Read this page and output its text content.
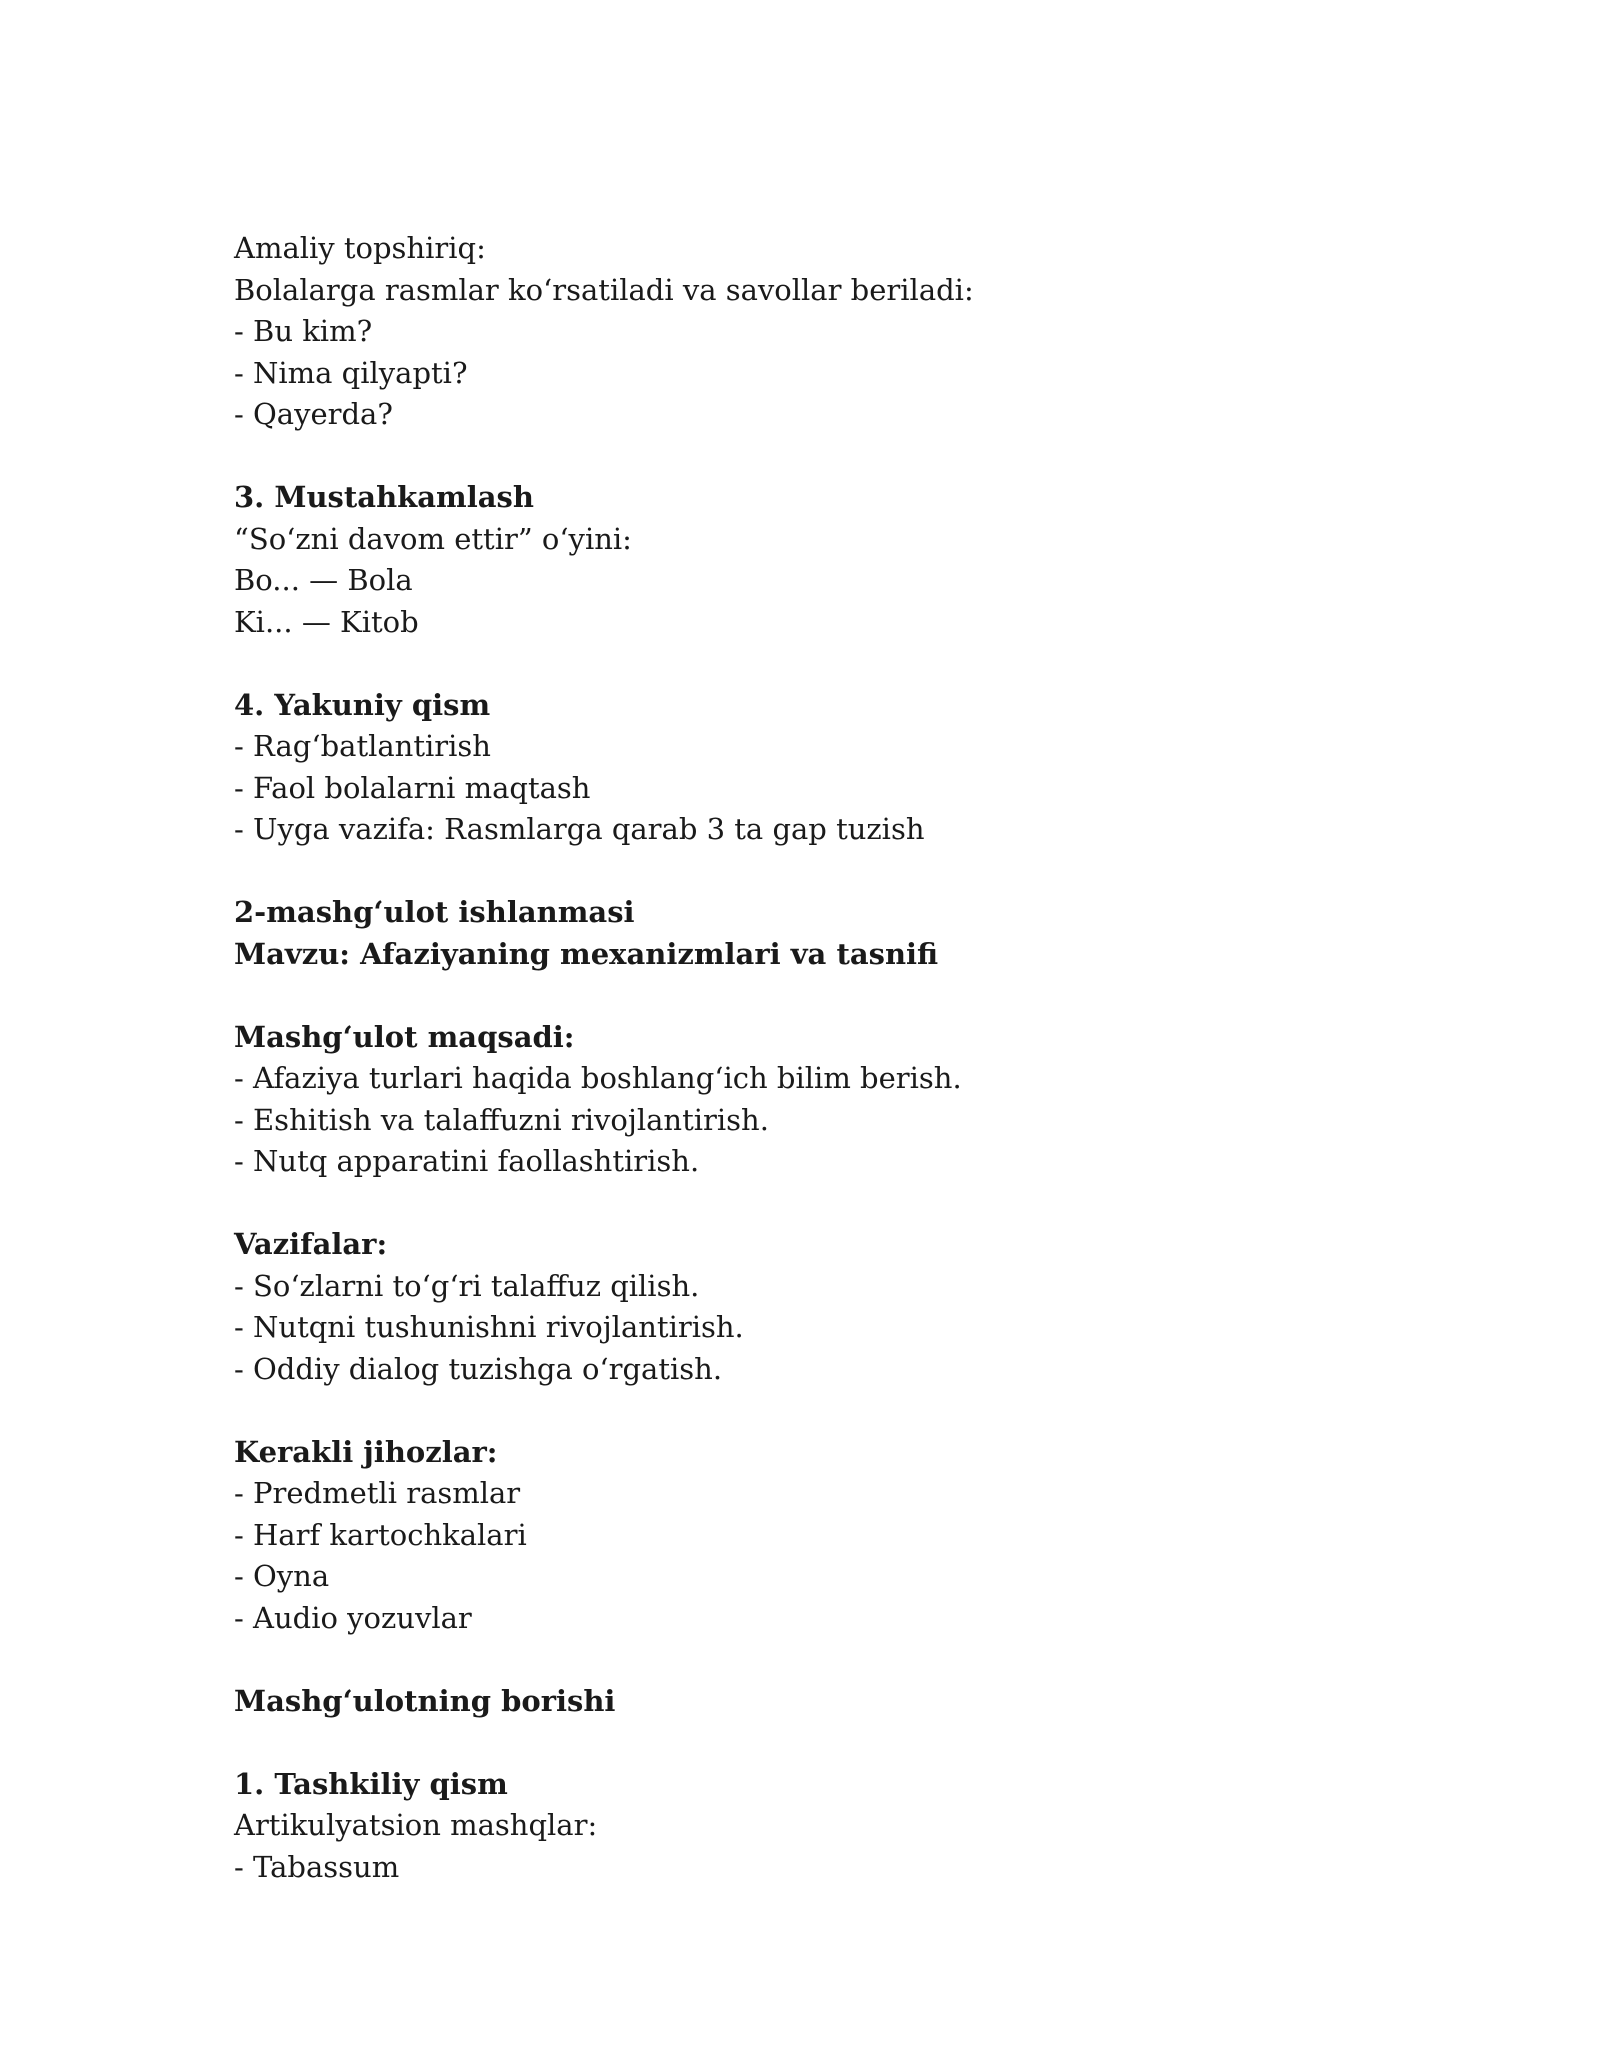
Amaliy topshiriq:
Bolalarga rasmlar ko‘rsatiladi va savollar beriladi:
- Bu kim?
- Nima qilyapti?
- Qayerda?
3. Mustahkamlash
“So‘zni davom ettir” o‘yini:
Bo... — Bola
Ki... — Kitob
4. Yakuniy qism
- Rag‘batlantirish
- Faol bolalarni maqtash
- Uyga vazifa: Rasmlarga qarab 3 ta gap tuzish
2-mashg‘ulot ishlanmasi
Mavzu: Afaziyaning mexanizmlari va tasnifi
Mashg‘ulot maqsadi:
- Afaziya turlari haqida boshlang‘ich bilim berish.
- Eshitish va talaffuzni rivojlantirish.
- Nutq apparatini faollashtirish.
Vazifalar:
- So‘zlarni to‘g‘ri talaffuz qilish.
- Nutqni tushunishni rivojlantirish.
- Oddiy dialog tuzishga o‘rgatish.
Kerakli jihozlar:
- Predmetli rasmlar
- Harf kartochkalari
- Oyna
- Audio yozuvlar
Mashg‘ulotning borishi
1. Tashkiliy qism
Artikulyatsion mashqlar:
- Tabassum
